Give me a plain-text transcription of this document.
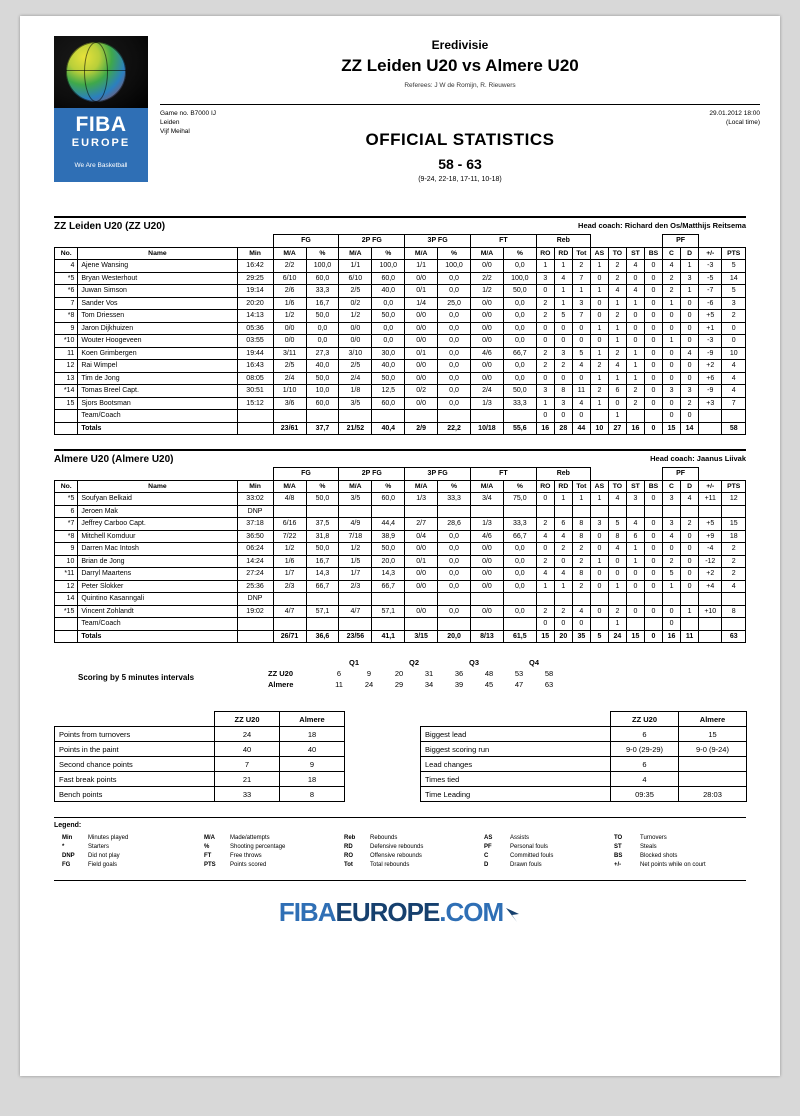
FIBA
EUROPE
We Are Basketball
Eredivisie
ZZ Leiden U20 vs Almere U20
Referees: J W de Romijn, R. Rieuwers
Game no. B7000 IJ
Leiden
Vijf Meihal
29.01.2012 18:00
(Local time)
OFFICIAL STATISTICS
58 - 63
(9-24, 22-18, 17-11, 10-18)
ZZ Leiden U20 (ZZ U20)	Head coach: Richard den Os/Matthijs Reitsema
			FG		2P FG		3P FG		FT		Reb							PF			
No.	Name	Min	M/A	%	M/A	%	M/A	%	M/A	%	RO	RD	Tot	AS	TO	ST	BS	C	D	+/-	PTS
4	Ajene Wansing	16:42	2/2	100,0	1/1	100,0	1/1	100,0	0/0	0,0	1	1	2	1	2	4	0	4	1	-3	5
*5	Bryan Westerhout	29:25	6/10	60,0	6/10	60,0	0/0	0,0	2/2	100,0	3	4	7	0	2	0	0	2	3	-5	14
*6	Juwan Simson	19:14	2/6	33,3	2/5	40,0	0/1	0,0	1/2	50,0	0	1	1	1	4	4	0	2	1	-7	5
7	Sander Vos	20:20	1/6	16,7	0/2	0,0	1/4	25,0	0/0	0,0	2	1	3	0	1	1	0	1	0	-6	3
*8	Tom Driessen	14:13	1/2	50,0	1/2	50,0	0/0	0,0	0/0	0,0	2	5	7	0	2	0	0	0	0	+5	2
9	Jaron Dijkhuizen	05:36	0/0	0,0	0/0	0,0	0/0	0,0	0/0	0,0	0	0	0	1	1	0	0	0	0	+1	0
*10	Wouter Hoogeveen	03:55	0/0	0,0	0/0	0,0	0/0	0,0	0/0	0,0	0	0	0	0	1	0	0	1	0	-3	0
11	Koen Grimbergen	19:44	3/11	27,3	3/10	30,0	0/1	0,0	4/6	66,7	2	3	5	1	2	1	0	0	4	-9	10
12	Rai Wimpel	16:43	2/5	40,0	2/5	40,0	0/0	0,0	0/0	0,0	2	2	4	2	4	1	0	0	0	+2	4
13	Tim de Jong	08:05	2/4	50,0	2/4	50,0	0/0	0,0	0/0	0,0	0	0	0	1	1	1	0	0	0	+6	4
*14	Tomas Breel Capt.	30:51	1/10	10,0	1/8	12,5	0/2	0,0	2/4	50,0	3	8	11	2	6	2	0	3	3	-9	4
15	Sjors Bootsman	15:12	3/6	60,0	3/5	60,0	0/0	0,0	1/3	33,3	1	3	4	1	0	2	0	0	2	+3	7
	Team/Coach										0	0	0		1			0	0		
	Totals		23/61	37,7	21/52	40,4	2/9	22,2	10/18	55,6	16	28	44	10	27	16	0	15	14		58
Almere U20 (Almere U20)	Head coach: Jaanus Liivak
			FG		2P FG		3P FG		FT		Reb							PF			
No.	Name	Min	M/A	%	M/A	%	M/A	%	M/A	%	RO	RD	Tot	AS	TO	ST	BS	C	D	+/-	PTS
*5	Soufyan Belkaid	33:02	4/8	50,0	3/5	60,0	1/3	33,3	3/4	75,0	0	1	1	1	4	3	0	3	4	+11	12
6	Jeroen Mak	DNP																			
*7	Jeffrey Carboo Capt.	37:18	6/16	37,5	4/9	44,4	2/7	28,6	1/3	33,3	2	6	8	3	5	4	0	3	2	+5	15
*8	Mitchell Komduur	36:50	7/22	31,8	7/18	38,9	0/4	0,0	4/6	66,7	4	4	8	0	8	6	0	4	0	+9	18
9	Darren Mac Intosh	06:24	1/2	50,0	1/2	50,0	0/0	0,0	0/0	0,0	0	2	2	0	4	1	0	0	0	-4	2
10	Brian de Jong	14:24	1/6	16,7	1/5	20,0	0/1	0,0	0/0	0,0	2	0	2	1	0	1	0	2	0	-12	2
*11	Darryl Maartens	27:24	1/7	14,3	1/7	14,3	0/0	0,0	0/0	0,0	4	4	8	0	0	0	0	5	0	+2	2
12	Peter Slokker	25:36	2/3	66,7	2/3	66,7	0/0	0,0	0/0	0,0	1	1	2	0	1	0	0	1	0	+4	4
14	Quintino Kasanngali	DNP																			
*15	Vincent Zohlandt	19:02	4/7	57,1	4/7	57,1	0/0	0,0	0/0	0,0	2	2	4	0	2	0	0	0	1	+10	8
	Team/Coach										0	0	0		1			0			
	Totals		26/71	36,6	23/56	41,1	3/15	20,0	8/13	61,5	15	20	35	5	24	15	0	16	11		63
Scoring by 5 minutes intervals
	Q1		Q2		Q3		Q4	
ZZ U20	6	9	20	31	36	48	53	58
Almere	11	24	29	34	39	45	47	63
	ZZ U20	Almere
Points from turnovers	24	18
Points in the paint	40	40
Second chance points	7	9
Fast break points	21	18
Bench points	33	8
	ZZ U20	Almere
Biggest lead	6	15
Biggest scoring run	9-0 (29-29)	9-0 (9-24)
Lead changes	6	
Times tied	4	
Time Leading	09:35	28:03
Legend:
Min	Minutes played
*	Starters
DNP Did not play
FG	Field goals
M/A	Made/attempts
%	Shooting percentage
FT	Free throws
PTS Points scored
Reb Rebounds
RD	Defensive rebounds
RO	Offensive rebounds
Tot	Total rebounds
AS	Assists
PF	Personal fouls
C	Committed fouls
D	Drawn fouls
TO	Turnovers
ST	Steals
BS	Blocked shots
+/-	Net points while on court
FIBAEUROPE.COM
